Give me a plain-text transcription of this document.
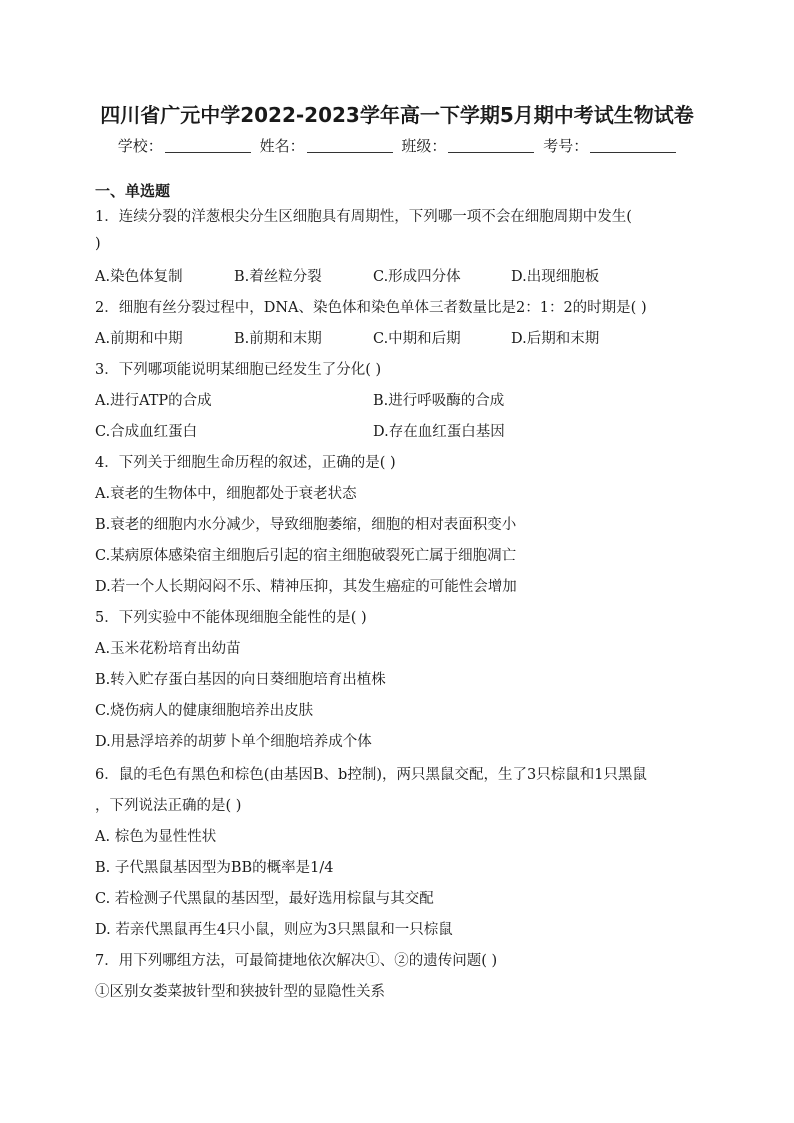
四川省广元中学2022-2023学年高一下学期5月期中考试生物试卷
学校：	姓名：	班级：	考号：
一、单选题
1．连续分裂的洋葱根尖分生区细胞具有周期性，下列哪一项不会在细胞周期中发生(
)
A.染色体复制	B.着丝粒分裂	C.形成四分体	D.出现细胞板
2．细胞有丝分裂过程中，DNA、染色体和染色单体三者数量比是2：1：2的时期是( )
A.前期和中期	B.前期和末期	C.中期和后期	D.后期和末期
3．下列哪项能说明某细胞已经发生了分化( )
A.进行ATP的合成	B.进行呼吸酶的合成
C.合成血红蛋白	D.存在血红蛋白基因
4．下列关于细胞生命历程的叙述，正确的是( )
A.衰老的生物体中，细胞都处于衰老状态
B.衰老的细胞内水分减少，导致细胞萎缩，细胞的相对表面积变小
C.某病原体感染宿主细胞后引起的宿主细胞破裂死亡属于细胞凋亡
D.若一个人长期闷闷不乐、精神压抑，其发生癌症的可能性会增加
5．下列实验中不能体现细胞全能性的是( )
A.玉米花粉培育出幼苗
B.转入贮存蛋白基因的向日葵细胞培育出植株
C.烧伤病人的健康细胞培养出皮肤
D.用悬浮培养的胡萝卜单个细胞培养成个体
6．鼠的毛色有黑色和棕色(由基因B、b控制)，两只黑鼠交配，生了3只棕鼠和1只黑鼠
，下列说法正确的是( )
A. 棕色为显性性状
B. 子代黑鼠基因型为BB的概率是1/4
C. 若检测子代黑鼠的基因型，最好选用棕鼠与其交配
D. 若亲代黑鼠再生4只小鼠，则应为3只黑鼠和一只棕鼠
7．用下列哪组方法，可最简捷地依次解决①、②的遗传问题( )
①区别女娄菜披针型和狭披针型的显隐性关系
